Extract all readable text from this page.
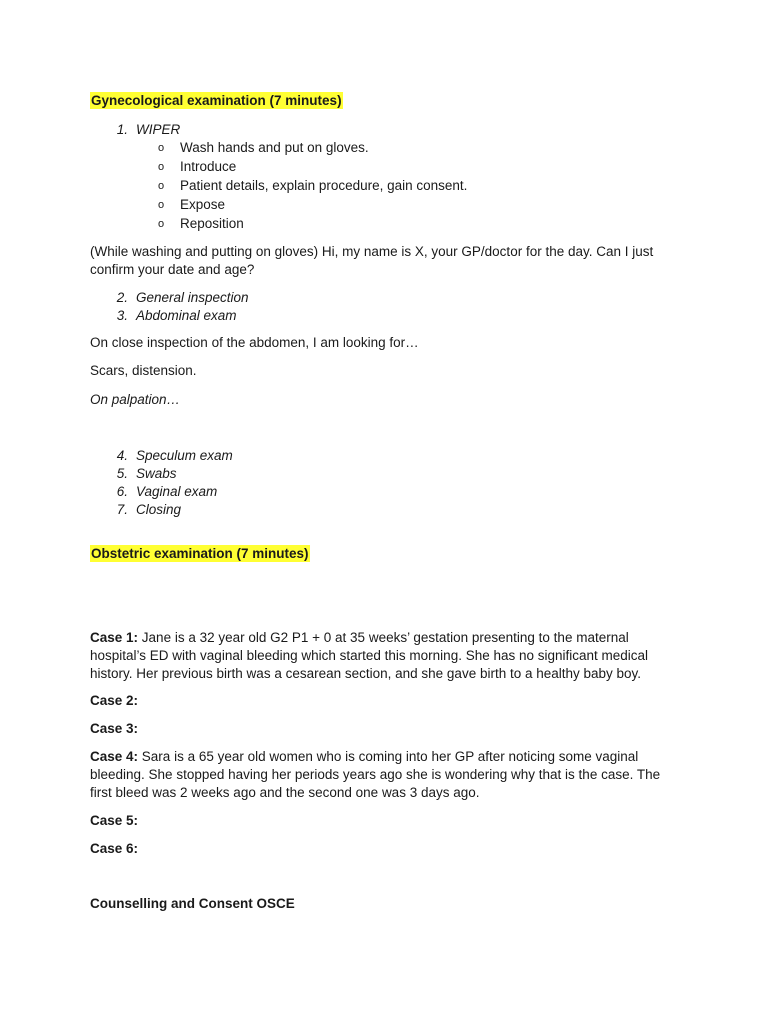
Gynecological examination (7 minutes)
1. WIPER
o Wash hands and put on gloves.
o Introduce
o Patient details, explain procedure, gain consent.
o Expose
o Reposition
(While washing and putting on gloves) Hi, my name is X, your GP/doctor for the day. Can I just
confirm your date and age?
2. General inspection
3. Abdominal exam
On close inspection of the abdomen, I am looking for…
Scars, distension.
On palpation…
4. Speculum exam
5. Swabs
6. Vaginal exam
7. Closing
Obstetric examination (7 minutes)
Case 1: Jane is a 32 year old G2 P1 + 0 at 35 weeks’ gestation presenting to the maternal
hospital’s ED with vaginal bleeding which started this morning. She has no significant medical
history. Her previous birth was a cesarean section, and she gave birth to a healthy baby boy.
Case 2:
Case 3:
Case 4: Sara is a 65 year old women who is coming into her GP after noticing some vaginal
bleeding. She stopped having her periods years ago she is wondering why that is the case. The
first bleed was 2 weeks ago and the second one was 3 days ago.
Case 5:
Case 6:
Counselling and Consent OSCE
